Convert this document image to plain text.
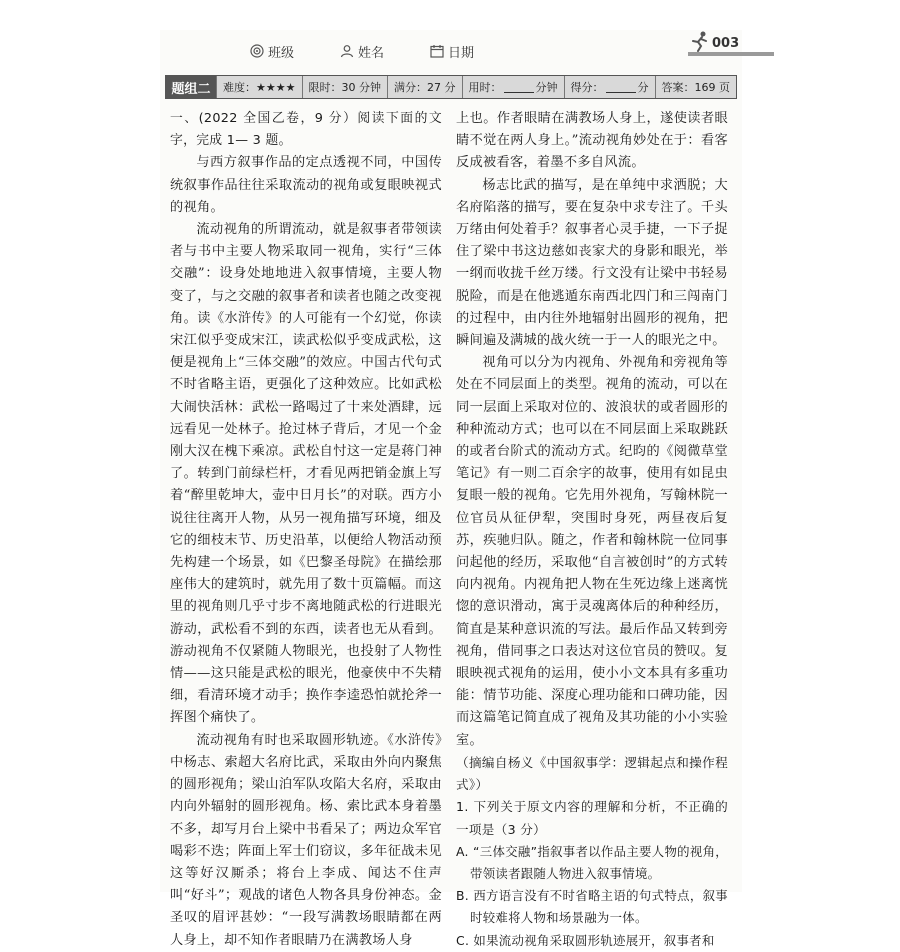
班级	姓名	日期
003
题组二	难度：★★★★	限时：30 分钟	满分：27 分	用时：	分钟 得分：	分	答案：169 页

一、(2022 全国乙卷，9 分）阅读下面的文字，完成 1— 3 题。

与西方叙事作品的定点透视不同，中国传统叙事作品往往采取流动的视角或复眼映视式的视角。

流动视角的所谓流动，就是叙事者带领读者与书中主要人物采取同一视角，实行“三体交融”：设身处地地进入叙事情境，主要人物变了，与之交融的叙事者和读者也随之改变视角。读《水浒传》的人可能有一个幻觉，你读宋江似乎变成宋江，读武松似乎变成武松，这便是视角上“三体交融”的效应。中国古代句式不时省略主语，更强化了这种效应。比如武松大闹快活林：武松一路喝过了十来处酒肆，远远看见一处林子。抢过林子背后，才见一个金刚大汉在槐下乘凉。武松自忖这一定是蒋门神了。转到门前绿栏杆，才看见两把销金旗上写着“醉里乾坤大，壶中日月长”的对联。西方小说往往离开人物，从另一视角描写环境，细及它的细枝末节、历史沿革，以便给人物活动预先构建一个场景，如《巴黎圣母院》在描绘那座伟大的建筑时，就先用了数十页篇幅。而这里的视角则几乎寸步不离地随武松的行进眼光游动，武松看不到的东西，读者也无从看到。游动视角不仅紧随人物眼光，也投射了人物性情——这只能是武松的眼光，他豪侠中不失精细，看清环境才动手；换作李逵恐怕就抡斧一挥图个痛快了。

流动视角有时也采取圆形轨迹。《水浒传》中杨志、索超大名府比武，采取由外向内聚焦的圆形视角；梁山泊军队攻陷大名府，采取由内向外辐射的圆形视角。杨、索比武本身着墨不多，却写月台上梁中书看呆了；两边众军官喝彩不迭；阵面上军士们窃议，多年征战未见这等好汉厮杀；将台上李成、闻达不住声叫“好斗”；观战的诸色人物各具身份神态。金圣叹的眉评甚妙：“一段写满教场眼睛都在两人身上，却不知作者眼睛乃在满教场人身

上也。作者眼睛在满教场人身上，遂使读者眼睛不觉在两人身上。”流动视角妙处在于：看客反成被看客，着墨不多自风流。

杨志比武的描写，是在单纯中求洒脱；大名府陷落的描写，要在复杂中求专注了。千头万绪由何处着手？叙事者心灵手捷，一下子捉住了梁中书这边慈如丧家犬的身影和眼光，举一纲而收拢千丝万缕。行文没有让梁中书轻易脱险，而是在他逃遁东南西北四门和三闯南门的过程中，由内往外地辐射出圆形的视角，把瞬间遍及满城的战火统一于一人的眼光之中。

视角可以分为内视角、外视角和旁视角等处在不同层面上的类型。视角的流动，可以在同一层面上采取对位的、波浪状的或者圆形的种种流动方式；也可以在不同层面上采取跳跃的或者台阶式的流动方式。纪昀的《阅微草堂笔记》有一则二百余字的故事，使用有如昆虫复眼一般的视角。它先用外视角，写翰林院一位官员从征伊犁，突围时身死，两昼夜后复苏，疾驰归队。随之，作者和翰林院一位同事问起他的经历，采取他“自言被创时”的方式转向内视角。内视角把人物在生死边缘上迷离恍惚的意识滑动，寓于灵魂离体后的种种经历，简直是某种意识流的写法。最后作品又转到旁视角，借同事之口表达对这位官员的赞叹。复眼映视式视角的运用，使小小文本具有多重功能：情节功能、深度心理功能和口碑功能，因而这篇笔记简直成了视角及其功能的小小实验室。

（摘编自杨义《中国叙事学：逻辑起点和操作程式》）

1. 下列关于原文内容的理解和分析，不正确的一项是（3 分）

A. “三体交融”指叙事者以作品主要人物的视角，带领读者跟随人物进入叙事情境。

B. 西方语言没有不时省略主语的句式特点，叙事时较难将人物和场景融为一体。

C. 如果流动视角采取圆形轨迹展开，叙事者和
